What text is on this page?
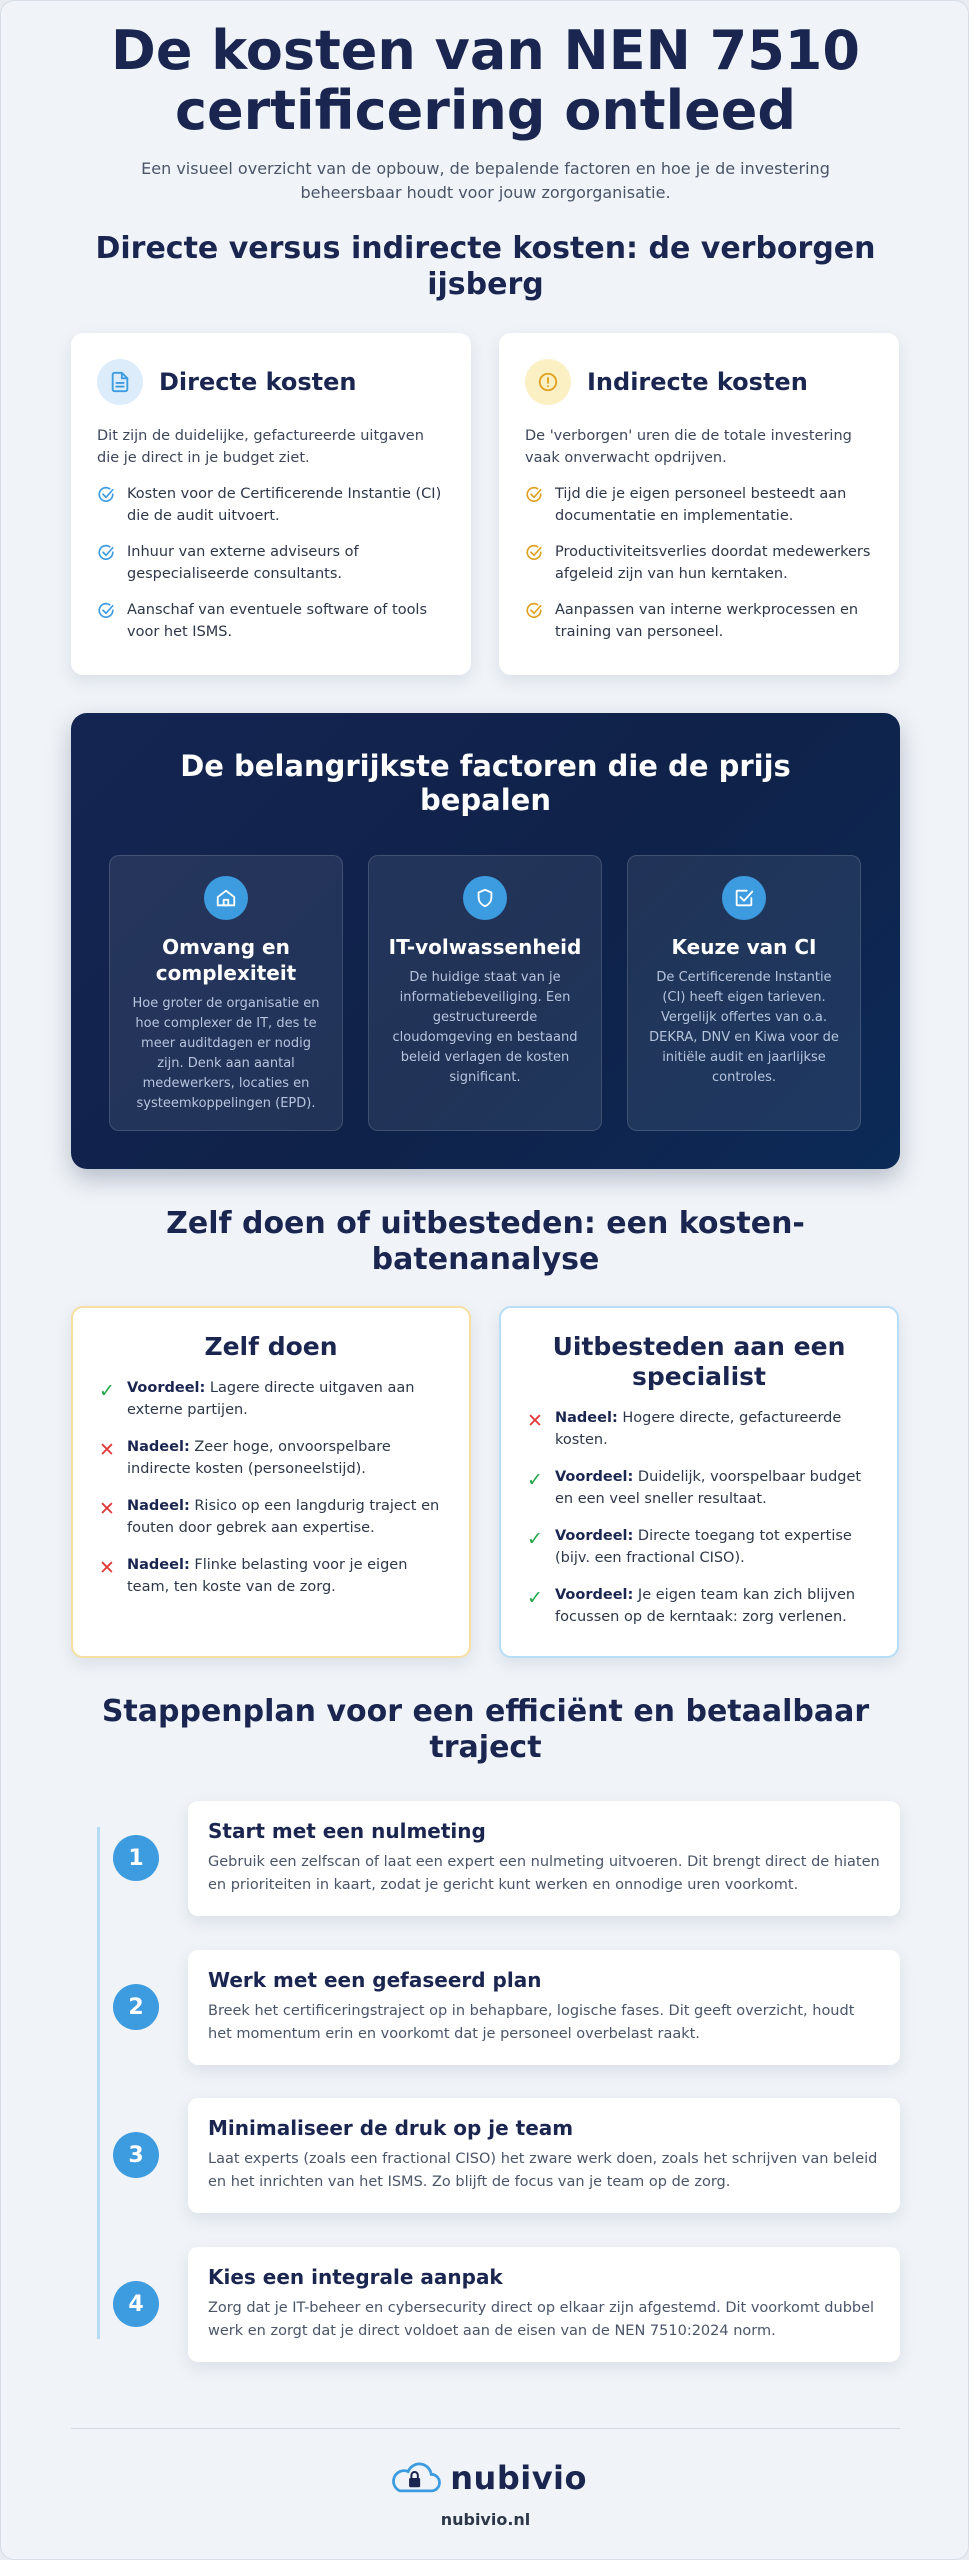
De kosten van NEN 7510 certificering ontleed

Een visueel overzicht van de opbouw, de bepalende factoren en hoe je de investering beheersbaar houdt voor jouw zorgorganisatie.

Directe versus indirecte kosten: de verborgen ijsberg
Directe kosten

Dit zijn de duidelijke, gefactureerde uitgaven die je direct in je budget ziet.

Kosten voor de Certificerende Instantie (CI) die de audit uitvoert.
Inhuur van externe adviseurs of gespecialiseerde consultants.
Aanschaf van eventuele software of tools voor het ISMS.
Indirecte kosten

De 'verborgen' uren die de totale investering vaak onverwacht opdrijven.

Tijd die je eigen personeel besteedt aan documentatie en implementatie.
Productiviteitsverlies doordat medewerkers afgeleid zijn van hun kerntaken.
Aanpassen van interne werkprocessen en training van personeel.
De belangrijkste factoren die de prijs bepalen
Omvang en complexiteit

Hoe groter de organisatie en hoe complexer de IT, des te meer auditdagen er nodig zijn. Denk aan aantal medewerkers, locaties en systeemkoppelingen (EPD).

IT-volwassenheid

De huidige staat van je informatiebeveiliging. Een gestructureerde cloudomgeving en bestaand beleid verlagen de kosten significant.

Keuze van CI

De Certificerende Instantie (CI) heeft eigen tarieven. Vergelijk offertes van o.a. DEKRA, DNV en Kiwa voor de initiële audit en jaarlijkse controles.

Zelf doen of uitbesteden: een kosten-batenanalyse
Zelf doen
✓ Voordeel: Lagere directe uitgaven aan externe partijen.
✕ Nadeel: Zeer hoge, onvoorspelbare indirecte kosten (personeelstijd).
✕ Nadeel: Risico op een langdurig traject en fouten door gebrek aan expertise.
✕ Nadeel: Flinke belasting voor je eigen team, ten koste van de zorg.
Uitbesteden aan een specialist
✕ Nadeel: Hogere directe, gefactureerde kosten.
✓ Voordeel: Duidelijk, voorspelbaar budget en een veel sneller resultaat.
✓ Voordeel: Directe toegang tot expertise (bijv. een fractional CISO).
✓ Voordeel: Je eigen team kan zich blijven focussen op de kerntaak: zorg verlenen.
Stappenplan voor een efficiënt en betaalbaar traject
1
Start met een nulmeting

Gebruik een zelfscan of laat een expert een nulmeting uitvoeren. Dit brengt direct de hiaten en prioriteiten in kaart, zodat je gericht kunt werken en onnodige uren voorkomt.

2
Werk met een gefaseerd plan

Breek het certificeringstraject op in behapbare, logische fases. Dit geeft overzicht, houdt het momentum erin en voorkomt dat je personeel overbelast raakt.

3
Minimaliseer de druk op je team

Laat experts (zoals een fractional CISO) het zware werk doen, zoals het schrijven van beleid en het inrichten van het ISMS. Zo blijft de focus van je team op de zorg.

4
Kies een integrale aanpak

Zorg dat je IT-beheer en cybersecurity direct op elkaar zijn afgestemd. Dit voorkomt dubbel werk en zorgt dat je direct voldoet aan de eisen van de NEN 7510:2024 norm.

nubivio
nubivio.nl
